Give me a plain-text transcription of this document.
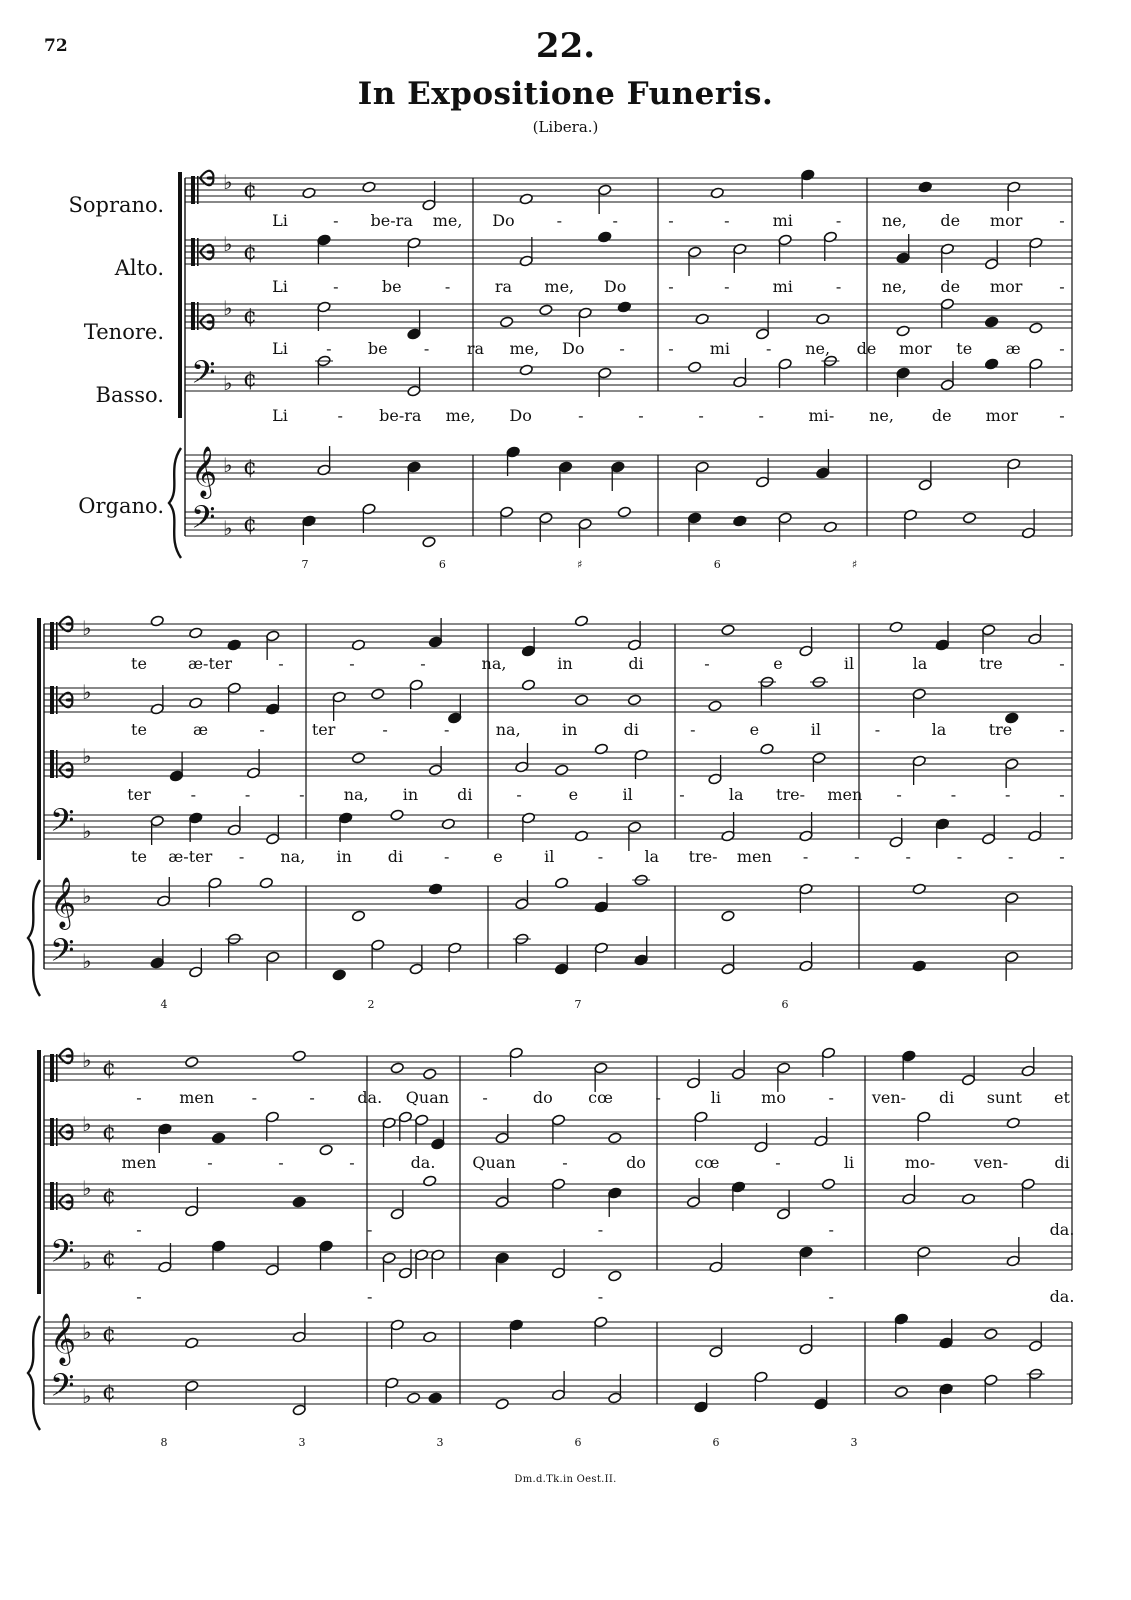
72	22.
In Expositione Funeris.
(Libera.)
Soprano.
Alto.
Tenore.
Basso.
Organo.
♭ ¢
♭ ¢
♭ ¢
𝄢 ♭ ¢
𝄞 ♭ ¢
𝄢 ♭ ¢
Li	- be-ra me, Do	-	-	-	-	mi	-	ne, de mor -
Li	-	be	-	ra me, Do	-	-	mi	-	ne, de mor -
Li - be - ra me, Do -	- mi - ne, de mor te æ -
Li	- be-ra me, Do	-	-	-	-	mi- ne, de mor	-
7	6	♯	6	♯
♭
♭
♭
𝄢 ♭
𝄞 ♭
𝄢 ♭
te	æ-ter	-	-	-	na,	in	di	-	e	il	la	tre	-
te	æ	-	ter	-	-	na,	in	di	-	e	il	-	la	tre	-
ter -	-	- na, in di	-	e	il	-	la tre- men -	-	-	-
te æ-ter - na, in di	-	e	il	-	la tre- men -	-	-	-	-	-
4	2	7	6
♭ ¢
♭ ¢
♭ ¢
𝄢 ♭ ¢
𝄞 ♭ ¢
𝄢 ♭ ¢
- men -	-	da. Quan -	do cœ	-	li	mo	- ven- di sunt et
men	-	-	-	da. Quan	-	do	cœ	-	li	mo- ven-	di
-	-	-	-	da.
-	-	-	-	da.
8	3	3	6	6	3
Dm.d.Tk.in Oest.II.
